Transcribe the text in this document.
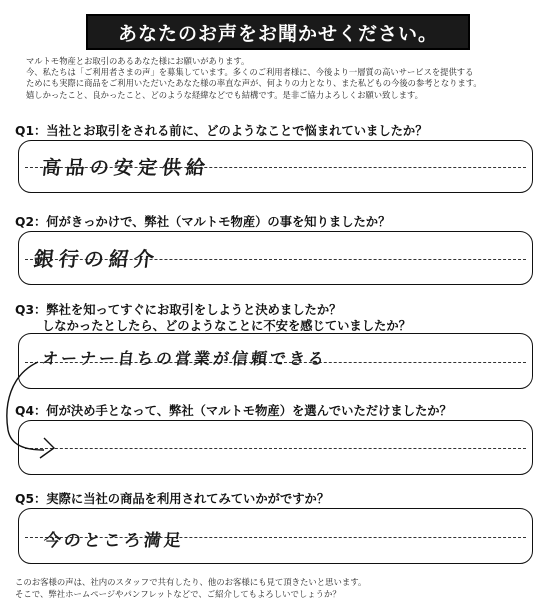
あなたのお声をお聞かせください。
マルトモ物産とお取引のあるあなた様にお願いがあります。
今、私たちは「ご利用者さまの声」を募集しています。多くのご利用者様に、今後より一層質の高いサービスを提供する
ためにも実際に商品をご利用いただいたあなた様の率直な声が、何よりの力となり、また私どもの今後の参考となります。
嬉しかったこと、良かったこと、どのような経緯などでも結構です。是非ご協力よろしくお願い致します。
Q1：当社とお取引をされる前に、どのようなことで悩まれていましたか？
高品の安定供給
Q2：何がきっかけで、弊社（マルトモ物産）の事を知りましたか？
銀行の紹介
Q3：弊社を知ってすぐにお取引をしようと決めましたか？
しなかったとしたら、どのようなことに不安を感じていましたか？
オーナー自ちの営業が信頼できる
Q4：何が決め手となって、弊社（マルトモ物産）を選んでいただけましたか？
Q5：実際に当社の商品を利用されてみていかがですか？
今のところ満足
このお客様の声は、社内のスタッフで共有したり、他のお客様にも見て頂きたいと思います。
そこで、弊社ホームページやパンフレットなどで、ご紹介してもよろしいでしょうか？
